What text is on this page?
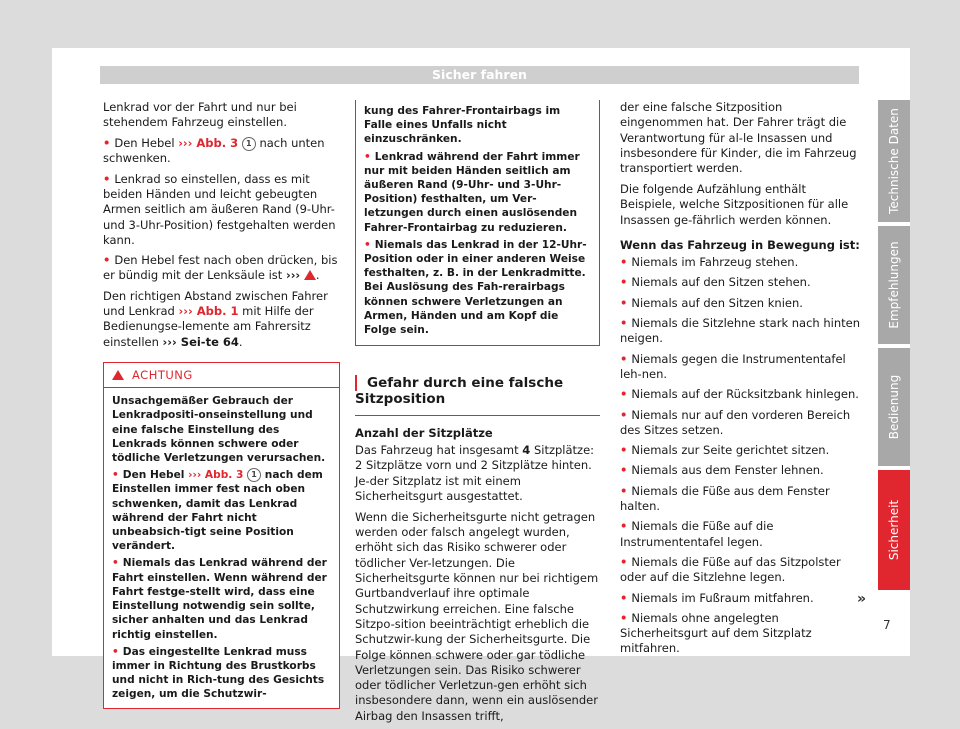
Sicher fahren

Lenkrad vor der Fahrt und nur bei stehendem Fahrzeug einstellen.

• Den Hebel ››› Abb. 3 1 nach unten schwenken.

• Lenkrad so einstellen, dass es mit beiden Händen und leicht gebeugten Armen seitlich am äußeren Rand (9-Uhr- und 3-Uhr-Position) festgehalten werden kann.

• Den Hebel fest nach oben drücken, bis er bündig mit der Lenksäule ist ››› .

Den richtigen Abstand zwischen Fahrer und Lenkrad ››› Abb. 1 mit Hilfe der Bedienungse-lemente am Fahrersitz einstellen ››› Sei-te 64.

ACHTUNG

Unsachgemäßer Gebrauch der Lenkradpositi-onseinstellung und eine falsche Einstellung des Lenkrads können schwere oder tödliche Verletzungen verursachen.

• Den Hebel ››› Abb. 3 1 nach dem Einstellen immer fest nach oben schwenken, damit das Lenkrad während der Fahrt nicht unbeabsich-tigt seine Position verändert.

• Niemals das Lenkrad während der Fahrt einstellen. Wenn während der Fahrt festge-stellt wird, dass eine Einstellung notwendig sein sollte, sicher anhalten und das Lenkrad richtig einstellen.

• Das eingestellte Lenkrad muss immer in Richtung des Brustkorbs und nicht in Rich-tung des Gesichts zeigen, um die Schutzwir-

kung des Fahrer-Frontairbags im Falle eines Unfalls nicht einzuschränken.

• Lenkrad während der Fahrt immer nur mit beiden Händen seitlich am äußeren Rand (9-Uhr- und 3-Uhr-Position) festhalten, um Ver-letzungen durch einen auslösenden Fahrer-Frontairbag zu reduzieren.

• Niemals das Lenkrad in der 12-Uhr-Position oder in einer anderen Weise festhalten, z. B. in der Lenkradmitte. Bei Auslösung des Fah-rerairbags können schwere Verletzungen an Armen, Händen und am Kopf die Folge sein.

Gefahr durch eine falsche Sitzposition
Anzahl der Sitzplätze

Das Fahrzeug hat insgesamt 4 Sitzplätze: 2 Sitzplätze vorn und 2 Sitzplätze hinten. Je-der Sitzplatz ist mit einem Sicherheitsgurt ausgestattet.

Wenn die Sicherheitsgurte nicht getragen werden oder falsch angelegt wurden, erhöht sich das Risiko schwerer oder tödlicher Ver-letzungen. Die Sicherheitsgurte können nur bei richtigem Gurtbandverlauf ihre optimale Schutzwirkung erreichen. Eine falsche Sitzpo-sition beeinträchtigt erheblich die Schutzwir-kung der Sicherheitsgurte. Die Folge können schwere oder gar tödliche Verletzungen sein. Das Risiko schwerer oder tödlicher Verletzun-gen erhöht sich insbesondere dann, wenn ein auslösender Airbag den Insassen trifft,

der eine falsche Sitzposition eingenommen hat. Der Fahrer trägt die Verantwortung für al-le Insassen und insbesondere für Kinder, die im Fahrzeug transportiert werden.

Die folgende Aufzählung enthält Beispiele, welche Sitzpositionen für alle Insassen ge-fährlich werden können.

Wenn das Fahrzeug in Bewegung ist:

• Niemals im Fahrzeug stehen.

• Niemals auf den Sitzen stehen.

• Niemals auf den Sitzen knien.

• Niemals die Sitzlehne stark nach hinten neigen.

• Niemals gegen die Instrumententafel leh-nen.

• Niemals auf der Rücksitzbank hinlegen.

• Niemals nur auf den vorderen Bereich des Sitzes setzen.

• Niemals zur Seite gerichtet sitzen.

• Niemals aus dem Fenster lehnen.

• Niemals die Füße aus dem Fenster halten.

• Niemals die Füße auf die Instrumententafel legen.

• Niemals die Füße auf das Sitzpolster oder auf die Sitzlehne legen.

• Niemals im Fußraum mitfahren.

• Niemals ohne angelegten Sicherheitsgurt auf dem Sitzplatz mitfahren.

»
Technische Daten
Empfehlungen
Bedienung
Sicherheit
7
